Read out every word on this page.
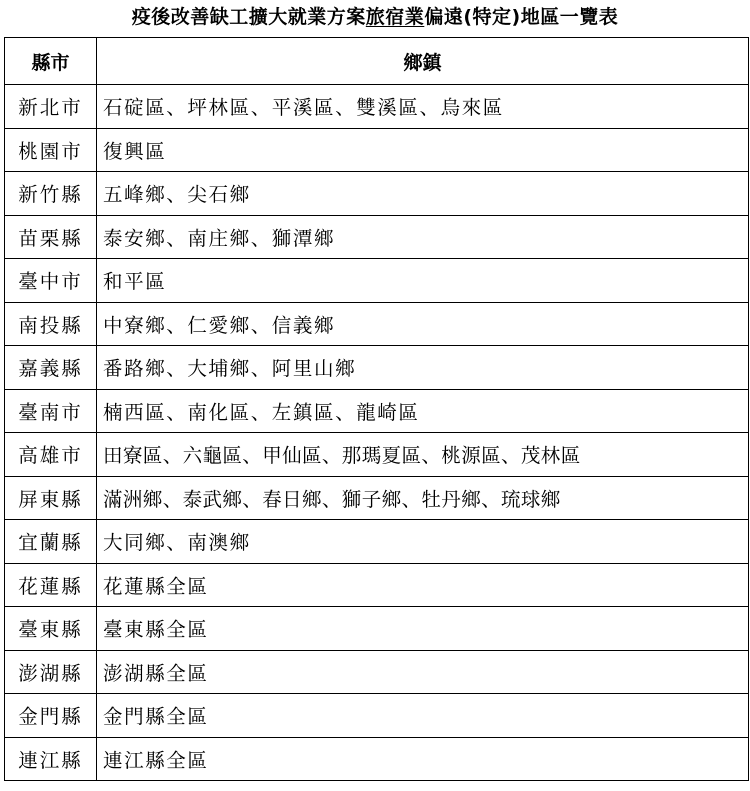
疫後改善缺工擴大就業方案旅宿業偏遠(特定)地區一覽表
縣市	鄉鎮
新北市	石碇區、坪林區、平溪區、雙溪區、烏來區
桃園市	復興區
新竹縣	五峰鄉、尖石鄉
苗栗縣	泰安鄉、南庄鄉、獅潭鄉
臺中市	和平區
南投縣	中寮鄉、仁愛鄉、信義鄉
嘉義縣	番路鄉、大埔鄉、阿里山鄉
臺南市	楠西區、南化區、左鎮區、龍崎區
高雄市	田寮區、六龜區、甲仙區、那瑪夏區、桃源區、茂林區
屏東縣	滿洲鄉、泰武鄉、春日鄉、獅子鄉、牡丹鄉、琉球鄉
宜蘭縣	大同鄉、南澳鄉
花蓮縣	花蓮縣全區
臺東縣	臺東縣全區
澎湖縣	澎湖縣全區
金門縣	金門縣全區
連江縣	連江縣全區
